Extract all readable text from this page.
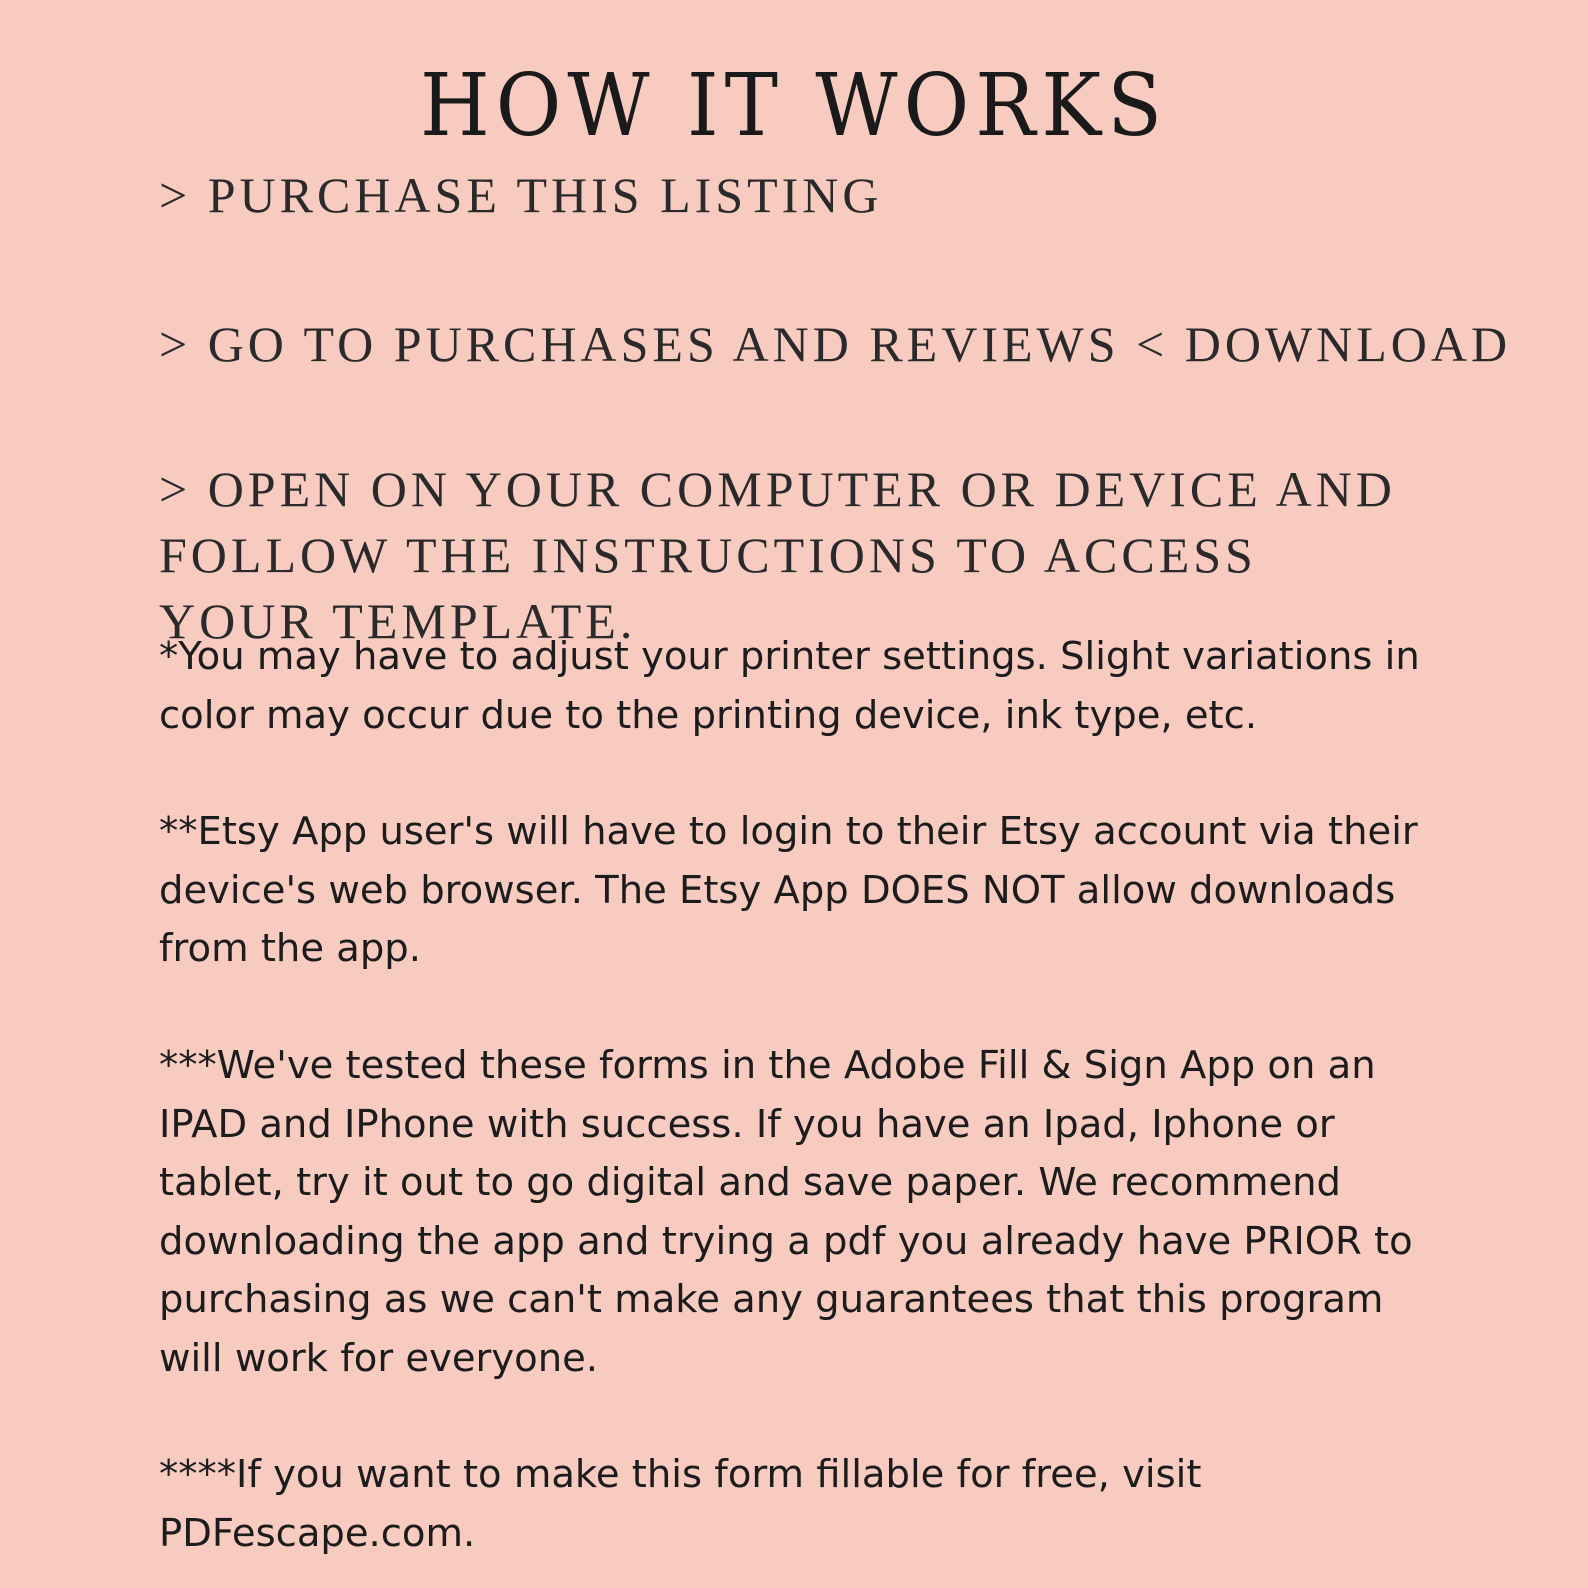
HOW IT WORKS

> PURCHASE THIS LISTING

> GO TO PURCHASES AND REVIEWS < DOWNLOAD

> OPEN ON YOUR COMPUTER OR DEVICE AND FOLLOW THE INSTRUCTIONS TO ACCESS YOUR TEMPLATE.

*You may have to adjust your printer settings. Slight variations in color may occur due to the printing device, ink type, etc.

**Etsy App user's will have to login to their Etsy account via their device's web browser. The Etsy App DOES NOT allow downloads from the app.

***We've tested these forms in the Adobe Fill & Sign App on an IPAD and IPhone with success. If you have an Ipad, Iphone or tablet, try it out to go digital and save paper. We recommend downloading the app and trying a pdf you already have PRIOR to purchasing as we can't make any guarantees that this program will work for everyone.

****If you want to make this form fillable for free, visit PDFescape.com.
